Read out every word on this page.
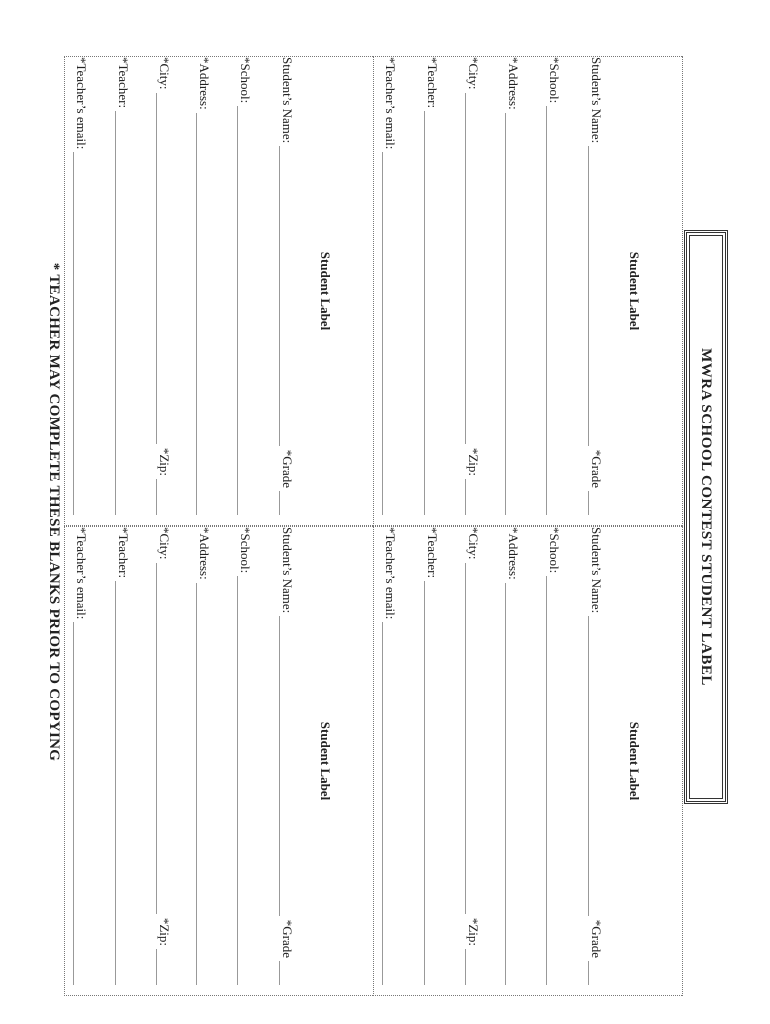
MWRA SCHOOL CONTEST STUDENT LABEL
Student Label
Student’s Name:
*Grade
*School:
*Address:
*City:
*Zip:
*Teacher:
*Teacher’s email:
Student Label
Student’s Name:
*Grade
*School:
*Address:
*City:
*Zip:
*Teacher:
*Teacher’s email:
Student Label
Student’s Name:
*Grade
*School:
*Address:
*City:
*Zip:
*Teacher:
*Teacher’s email:
Student Label
Student’s Name:
*Grade
*School:
*Address:
*City:
*Zip:
*Teacher:
*Teacher’s email:
* TEACHER MAY COMPLETE THESE BLANKS PRIOR TO COPYING
